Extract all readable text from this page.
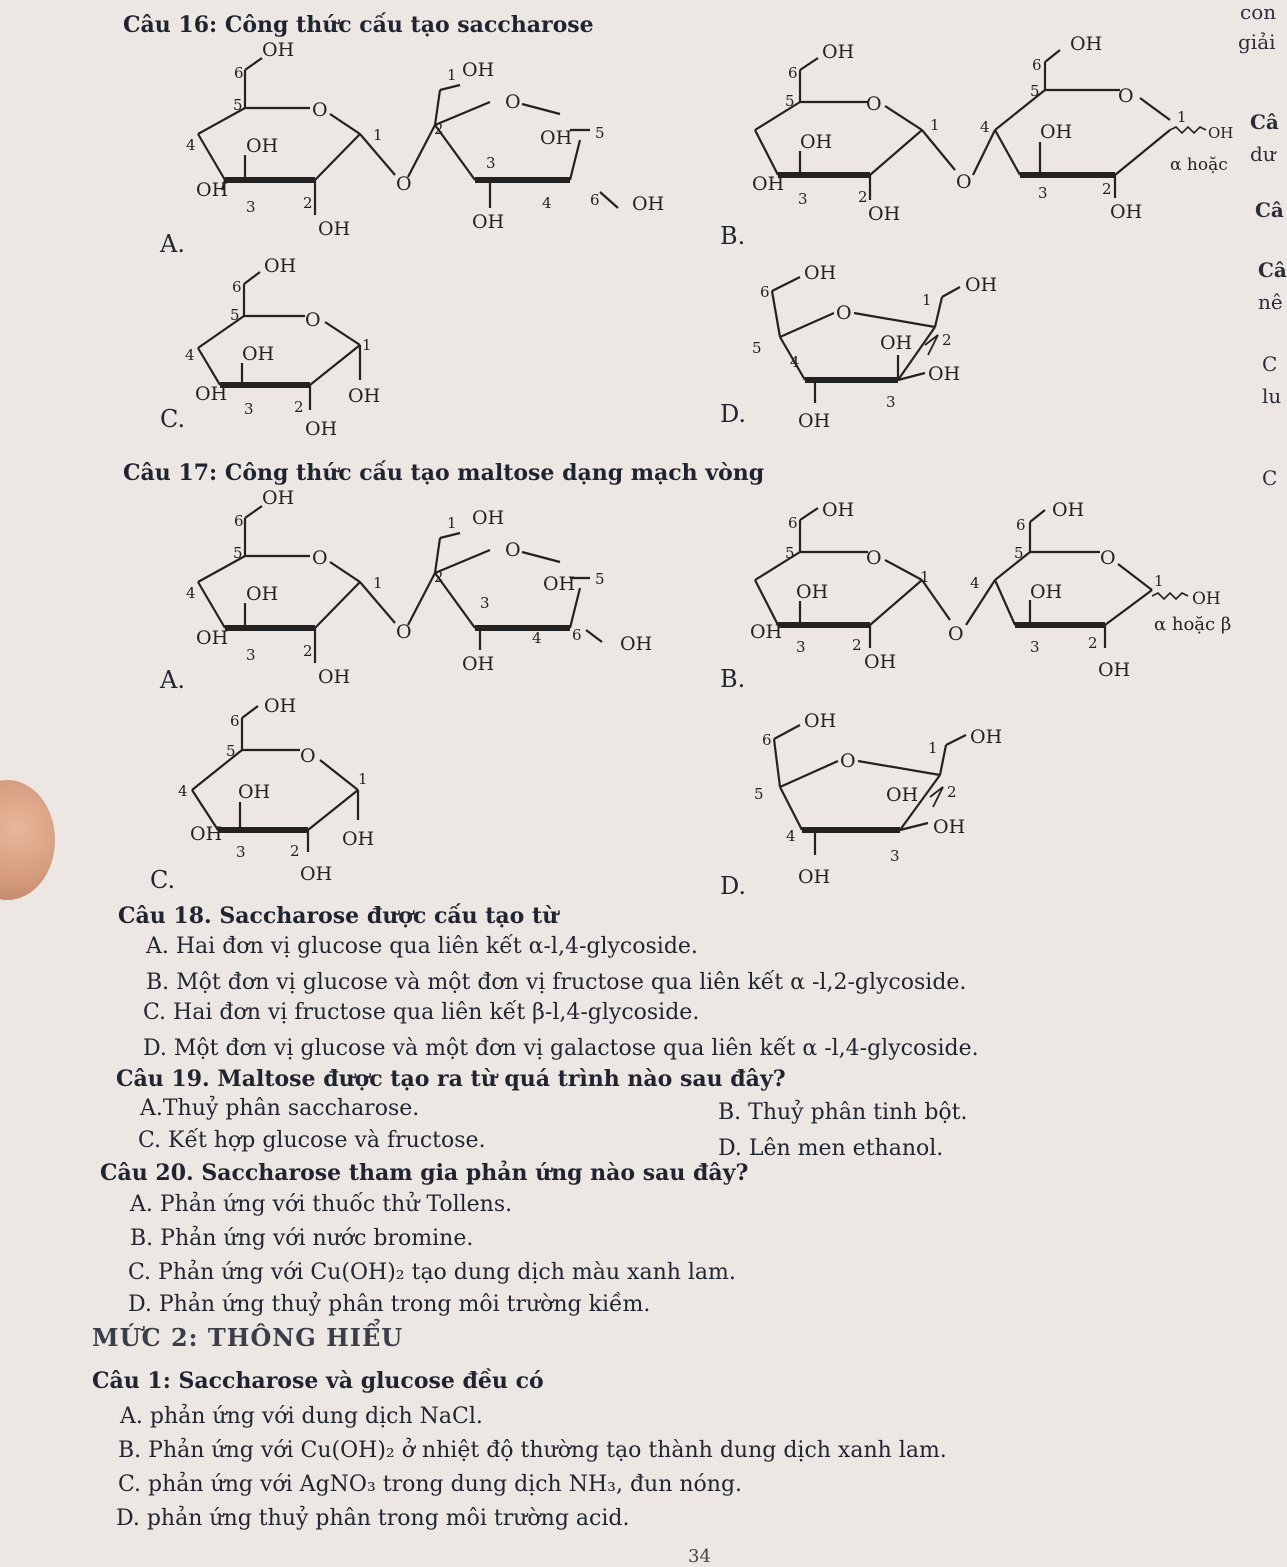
con
giải
Câ
dư
Câ
Câ
nê
C
lu
C
Câu 16: Công thức cấu tạo saccharose
6
OH
5	O
1
4	OH
OH
3	2
OH
O
2
1 OH
O
OH 5
3
4	6 OH
OH
A.
6
OH
5	O
1
OH
OH
3	2
OH
O
4
6
OH
5	O
1
OH
3	2
OH
OH
α hoặc
B.
6
OH
5	O
1
4 OH
OH
3	2
OH
OH
C.
OH
6
O
1
OH
5	OH 2
OH
4
3
OH
D.
Câu 17: Công thức cấu tạo maltose dạng mạch vòng
6
OH
5	O
1
4	OH
OH
3	2
OH
O
2
1 OH
O
OH 5
3
4 6 OH
OH
A.
6
OH
5	O
1
OH
OH
3	2
OH
O
4
6
OH
5	O
1
OH
3	2
OH
OH
α hoặc β
B.
6
OH
5	O
1
4	OH
OH
3	2
OH
OH
C.
OH
6
O
1 OH
5	OH 2
OH
4
3
OH
D.
Câu 18. Saccharose được cấu tạo từ
A. Hai đơn vị glucose qua liên kết α-l,4-glycoside.
B. Một đơn vị glucose và một đơn vị fructose qua liên kết α -l,2-glycoside.
C. Hai đơn vị fructose qua liên kết β-l,4-glycoside.
D. Một đơn vị glucose và một đơn vị galactose qua liên kết α -l,4-glycoside.
Câu 19. Maltose được tạo ra từ quá trình nào sau đây?
A.Thuỷ phân saccharose.	B. Thuỷ phân tinh bột.
C. Kết hợp glucose và fructose.	D. Lên men ethanol.
Câu 20. Saccharose tham gia phản ứng nào sau đây?
A. Phản ứng với thuốc thử Tollens.
B. Phản ứng với nước bromine.
C. Phản ứng với Cu(OH)₂ tạo dung dịch màu xanh lam.
D. Phản ứng thuỷ phân trong môi trường kiềm.
MỨC 2: THÔNG HIỂU
Câu 1: Saccharose và glucose đều có
A. phản ứng với dung dịch NaCl.
B. Phản ứng với Cu(OH)₂ ở nhiệt độ thường tạo thành dung dịch xanh lam.
C. phản ứng với AgNO₃ trong dung dịch NH₃, đun nóng.
D. phản ứng thuỷ phân trong môi trường acid.
34
